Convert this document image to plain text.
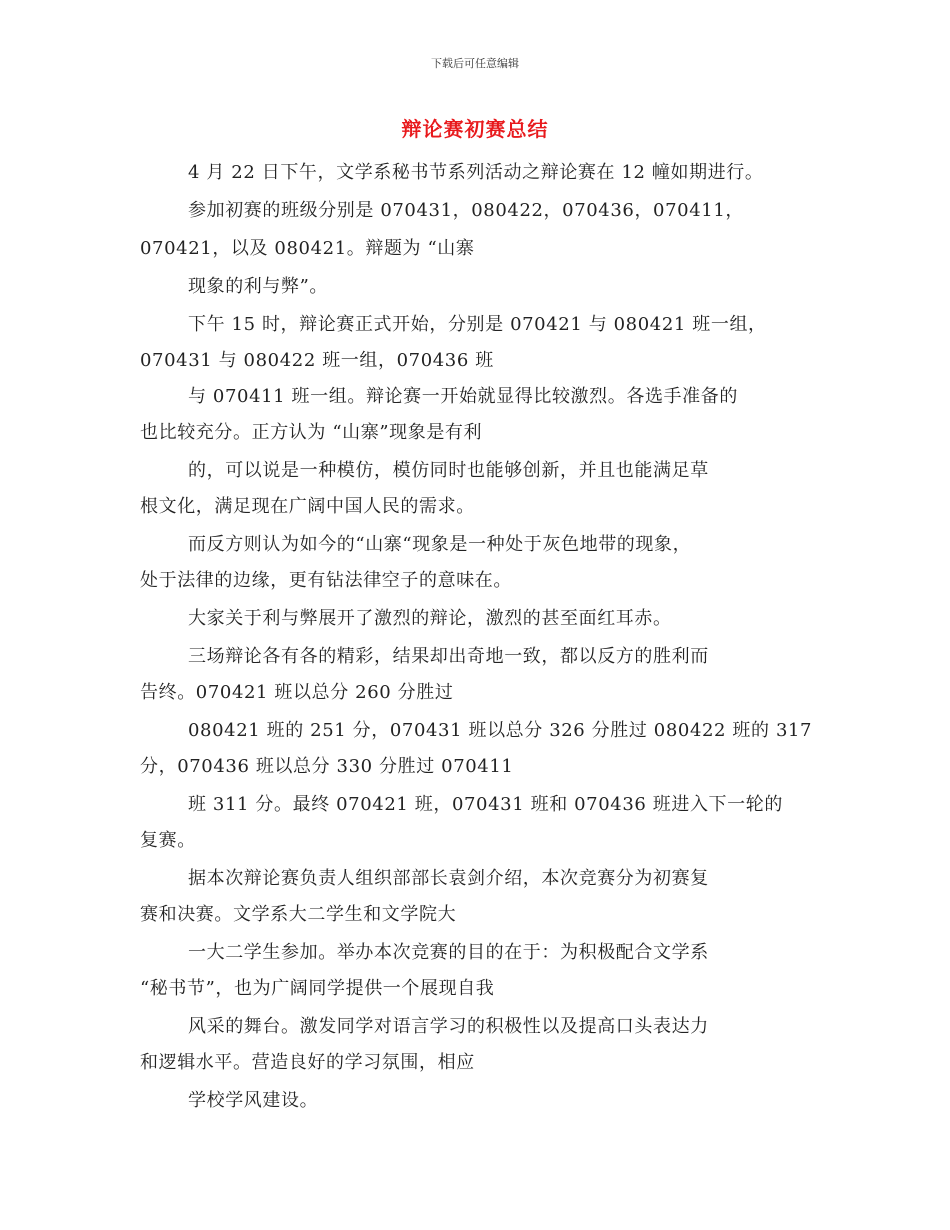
下载后可任意编辑
辩论赛初赛总结
4 月 22 日下午，文学系秘书节系列活动之辩论赛在 12 幢如期进行。
参加初赛的班级分别是 070431，080422，070436，070411，
070421，以及 080421。辩题为 “山寨
现象的利与弊”。
下午 15 时，辩论赛正式开始，分别是 070421 与 080421 班一组，
070431 与 080422 班一组，070436 班
与 070411 班一组。辩论赛一开始就显得比较激烈。各选手准备的
也比较充分。正方认为 “山寨”现象是有利
的，可以说是一种模仿，模仿同时也能够创新，并且也能满足草
根文化，满足现在广阔中国人民的需求。
而反方则认为如今的“山寨“现象是一种处于灰色地带的现象，
处于法律的边缘，更有钻法律空子的意味在。
大家关于利与弊展开了激烈的辩论，激烈的甚至面红耳赤。
三场辩论各有各的精彩，结果却出奇地一致，都以反方的胜利而
告终。070421 班以总分 260 分胜过
080421 班的 251 分，070431 班以总分 326 分胜过 080422 班的 317
分，070436 班以总分 330 分胜过 070411
班 311 分。最终 070421 班，070431 班和 070436 班进入下一轮的
复赛。
据本次辩论赛负责人组织部部长袁剑介绍，本次竞赛分为初赛复
赛和决赛。文学系大二学生和文学院大
一大二学生参加。举办本次竞赛的目的在于：为积极配合文学系
“秘书节”，也为广阔同学提供一个展现自我
风采的舞台。激发同学对语言学习的积极性以及提高口头表达力
和逻辑水平。营造良好的学习氛围，相应
学校学风建设。
